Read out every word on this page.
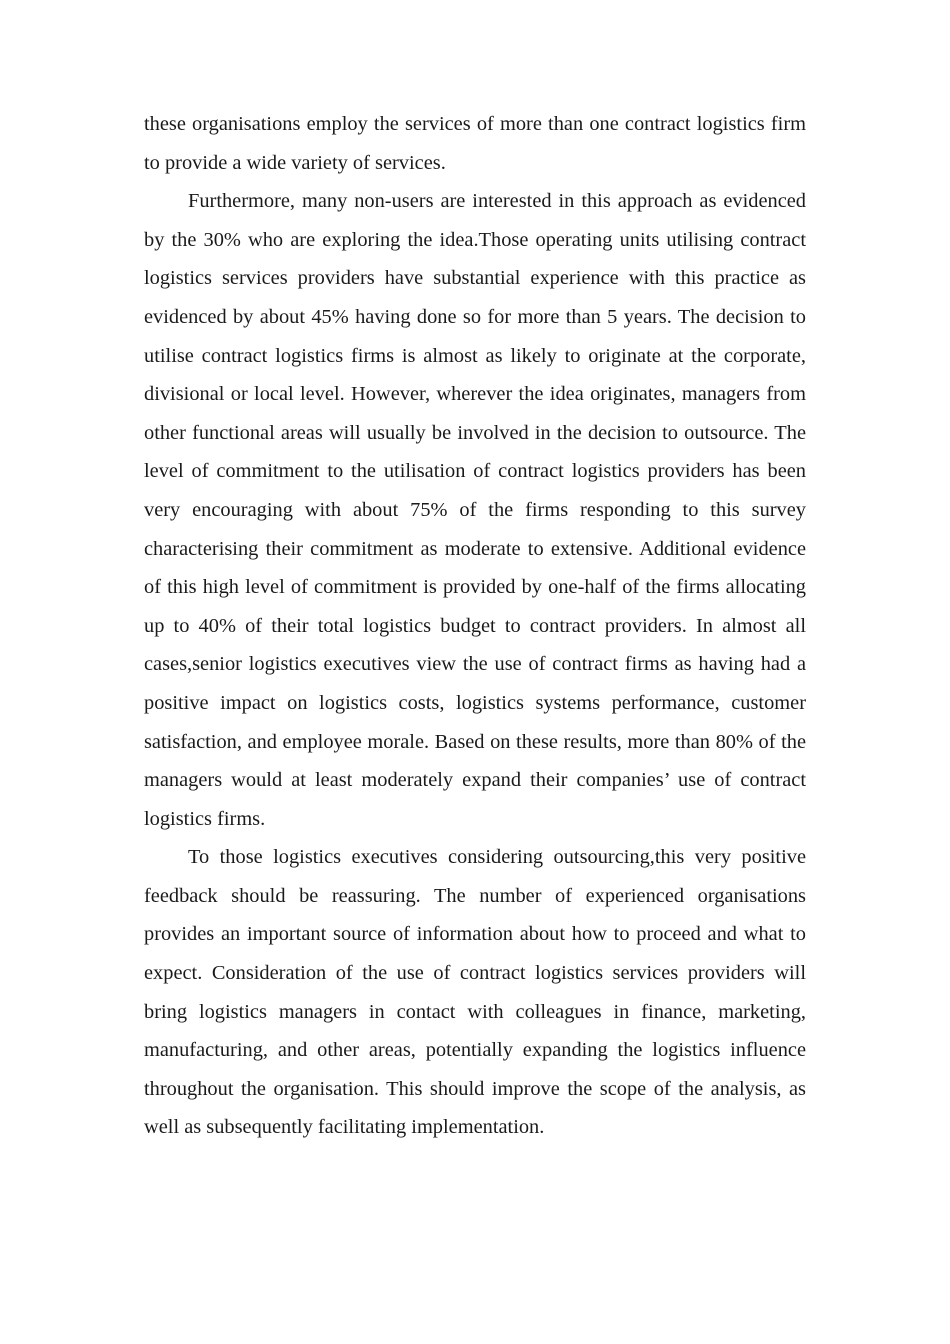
these organisations employ the services of more than one contract logistics firm to provide a wide variety of services.

Furthermore, many non-users are interested in this approach as evidenced by the 30% who are exploring the idea.Those operating units utilising contract logistics services providers have substantial experience with this practice as evidenced by about 45% having done so for more than 5 years. The decision to utilise contract logistics firms is almost as likely to originate at the corporate, divisional or local level. However, wherever the idea originates, managers from other functional areas will usually be involved in the decision to outsource. The level of commitment to the utilisation of contract logistics providers has been very encouraging with about 75% of the firms responding to this survey characterising their commitment as moderate to extensive. Additional evidence of this high level of commitment is provided by one-half of the firms allocating up to 40% of their total logistics budget to contract providers. In almost all cases,senior logistics executives view the use of contract firms as having had a positive impact on logistics costs, logistics systems performance, customer satisfaction, and employee morale. Based on these results, more than 80% of the managers would at least moderately expand their companies’ use of contract logistics firms.

To those logistics executives considering outsourcing,this very positive feedback should be reassuring. The number of experienced organisations provides an important source of information about how to proceed and what to expect. Consideration of the use of contract logistics services providers will bring logistics managers in contact with colleagues in finance, marketing, manufacturing, and other areas, potentially expanding the logistics influence throughout the organisation. This should improve the scope of the analysis, as well as subsequently facilitating implementation.
